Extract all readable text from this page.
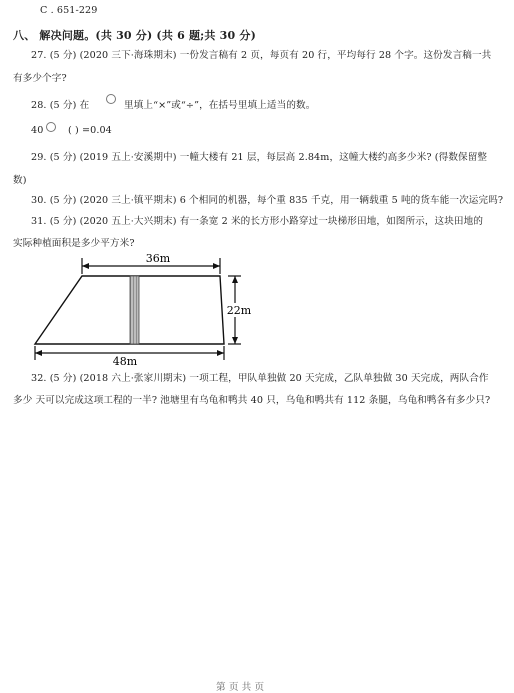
C . 651-229
八、 解决问题。(共 30 分) (共 6 题;共 30 分)
27. (5 分) (2020 三下·海珠期末) 一份发言稿有 2 页，每页有 20 行，平均每行 28 个字。这份发言稿一共
有多少个字?
28. (5 分) 在	里填上“×”或“÷”，在括号里填上适当的数。
40	( ) =0.04
29. (5 分) (2019 五上·安溪期中) 一幢大楼有 21 层，每层高 2.84m，这幢大楼约高多少米? (得数保留整
数)
30. (5 分) (2020 三上·镇平期末) 6 个相同的机器，每个重 835 千克，用一辆载重 5 吨的货车能一次运完吗?
31. (5 分) (2020 五上·大兴期末) 有一条宽 2 米的长方形小路穿过一块梯形田地，如图所示，这块田地的
实际种植面积是多少平方米?
36m
22m
48m
32. (5 分) (2018 六上·张家川期末) 一项工程，甲队单独做 20 天完成，乙队单独做 30 天完成，两队合作
多少 天可以完成这项工程的一半? 池塘里有乌龟和鸭共 40 只，乌龟和鸭共有 112 条腿，乌龟和鸭各有多少只?
第 页 共 页
